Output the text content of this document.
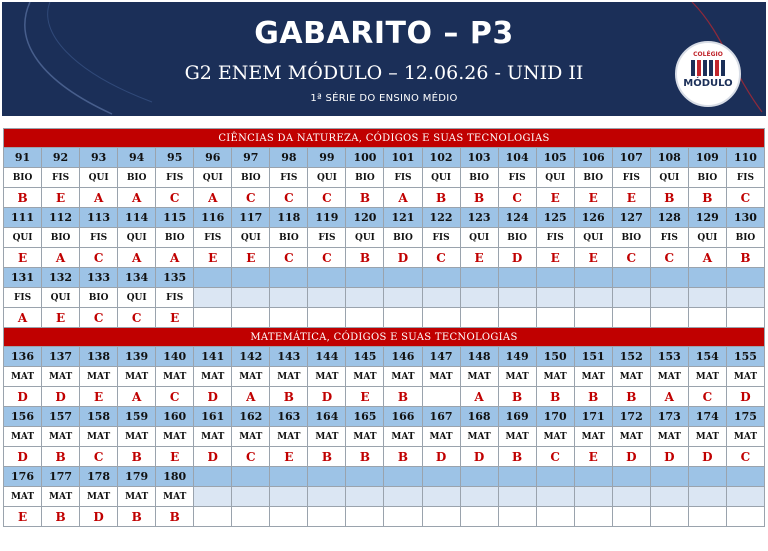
GABARITO – P3
G2 ENEM MÓDULO – 12.06.26 - UNID II
1ª SÉRIE DO ENSINO MÉDIO
COLÉGIO
MÓDULO
CIÊNCIAS DA NATUREZA, CÓDIGOS E SUAS TECNOLOGIAS																			
91	92	93	94	95	96	97	98	99	100	101	102	103	104	105	106	107	108	109	110
BIO	FIS	QUI	BIO	FIS	QUI	BIO	FIS	QUI	BIO	FIS	QUI	BIO	FIS	QUI	BIO	FIS	QUI	BIO	FIS
B	E	A	A	C	A	C	C	C	B	A	B	B	C	E	E	E	B	B	C
111	112	113	114	115	116	117	118	119	120	121	122	123	124	125	126	127	128	129	130
QUI	BIO	FIS	QUI	BIO	FIS	QUI	BIO	FIS	QUI	BIO	FIS	QUI	BIO	FIS	QUI	BIO	FIS	QUI	BIO
E	A	C	A	A	E	E	C	C	B	D	C	E	D	E	E	C	C	A	B
131	132	133	134	135															
FIS	QUI	BIO	QUI	FIS															
A	E	C	C	E															
MATEMÁTICA, CÓDIGOS E SUAS TECNOLOGIAS																			
136	137	138	139	140	141	142	143	144	145	146	147	148	149	150	151	152	153	154	155
MAT	MAT	MAT	MAT	MAT	MAT	MAT	MAT	MAT	MAT	MAT	MAT	MAT	MAT	MAT	MAT	MAT	MAT	MAT	MAT
D	D	E	A	C	D	A	B	D	E	B		A	B	B	B	B	A	C	D
156	157	158	159	160	161	162	163	164	165	166	167	168	169	170	171	172	173	174	175
MAT	MAT	MAT	MAT	MAT	MAT	MAT	MAT	MAT	MAT	MAT	MAT	MAT	MAT	MAT	MAT	MAT	MAT	MAT	MAT
D	B	C	B	E	D	C	E	B	B	B	D	D	B	C	E	D	D	D	C
176	177	178	179	180															
MAT	MAT	MAT	MAT	MAT															
E	B	D	B	B															
